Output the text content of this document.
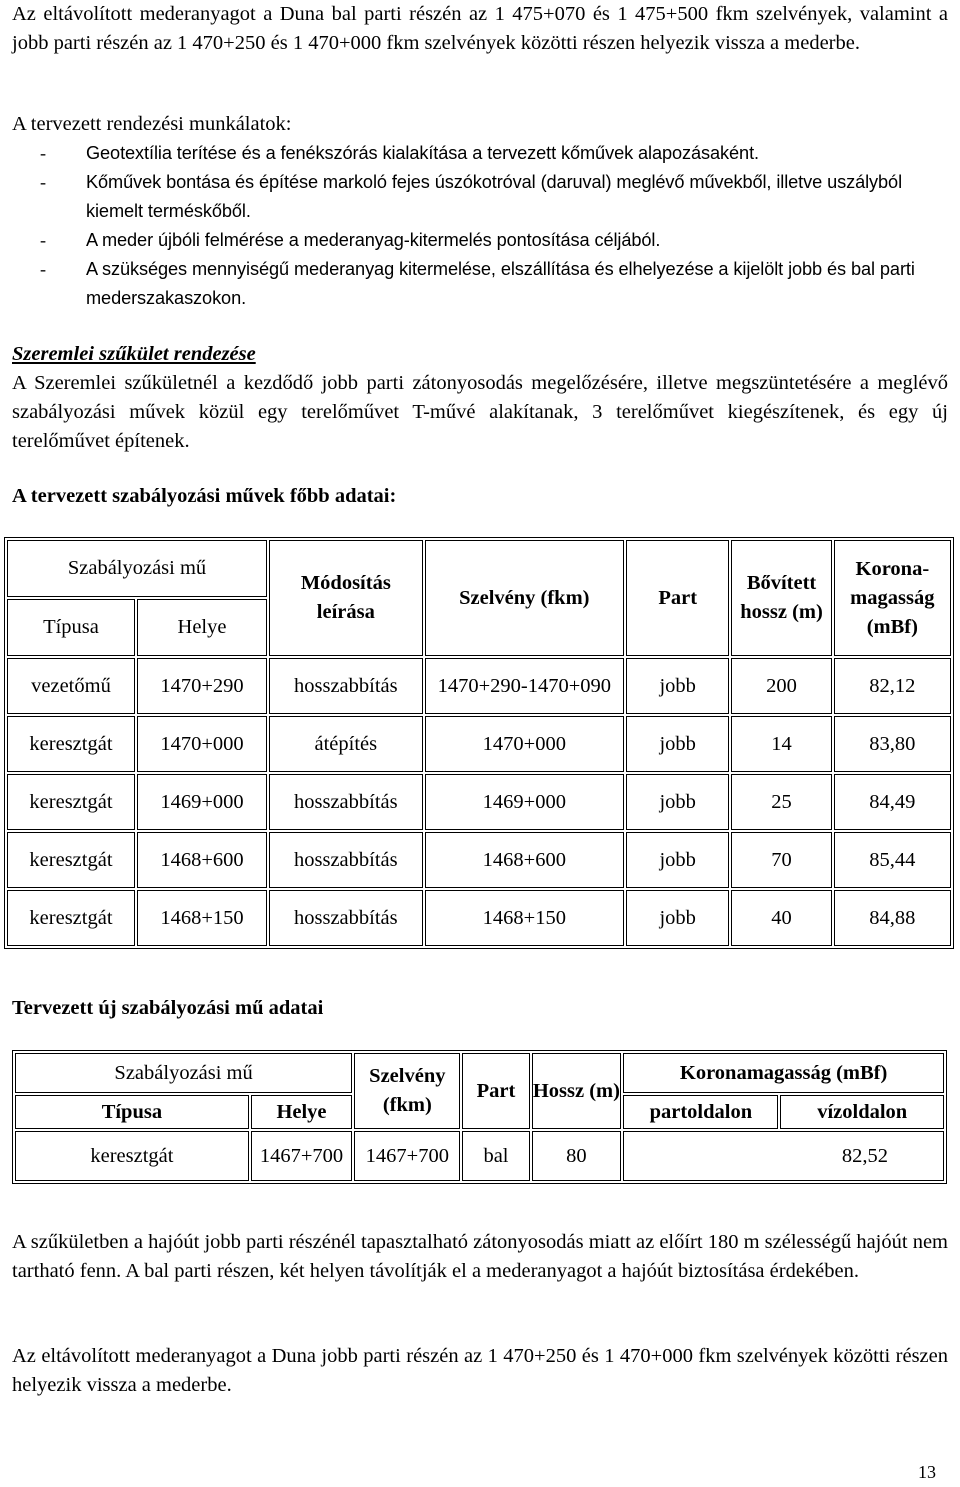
Az eltávolított mederanyagot a Duna bal parti részén az 1 475+070 és 1 475+500 fkm szelvények, valamint a jobb parti részén az 1 470+250 és 1 470+000 fkm szelvények közötti részen helyezik vissza a mederbe.

A tervezett rendezési munkálatok:

- Geotextília terítése és a fenékszórás kialakítása a tervezett kőművek alapozásaként.
- Kőművek bontása és építése markoló fejes úszókotróval (daruval) meglévő művekből, illetve uszályból kiemelt terméskőből.
- A meder újbóli felmérése a mederanyag-kitermelés pontosítása céljából.
- A szükséges mennyiségű mederanyag kitermelése, elszállítása és elhelyezése a kijelölt jobb és bal parti mederszakaszokon.

Szeremlei szűkület rendezése

A Szeremlei szűkületnél a kezdődő jobb parti zátonyosodás megelőzésére, illetve megszüntetésére a meglévő szabályozási művek közül egy terelőművet T-művé alakítanak, 3 terelőművet kiegészítenek, és egy új terelőművet építenek.

A tervezett szabályozási művek főbb adatai:

Szabályozási mű		Módosítás leírása	Szelvény (fkm)	Part	Bővített hossz (m)	Korona-magasság (mBf)
Típusa	Helye					
vezetőmű	1470+290	hosszabbítás	1470+290-1470+090	jobb	200	82,12
keresztgát	1470+000	átépítés	1470+000	jobb	14	83,80
keresztgát	1469+000	hosszabbítás	1469+000	jobb	25	84,49
keresztgát	1468+600	hosszabbítás	1468+600	jobb	70	85,44
keresztgát	1468+150	hosszabbítás	1468+150	jobb	40	84,88

Tervezett új szabályozási mű adatai

Szabályozási mű		Szelvény (fkm)	Part	Hossz (m)	Koronamagasság (mBf)	
Típusa	Helye				partoldalon	vízoldalon
keresztgát	1467+700	1467+700	bal	80	82,52	

A szűkületben a hajóút jobb parti részénél tapasztalható zátonyosodás miatt az előírt 180 m szélességű hajóút nem tartható fenn. A bal parti részen, két helyen távolítják el a mederanyagot a hajóút biztosítása érdekében.

Az eltávolított mederanyagot a Duna jobb parti részén az 1 470+250 és 1 470+000 fkm szelvények közötti részen helyezik vissza a mederbe.

13
